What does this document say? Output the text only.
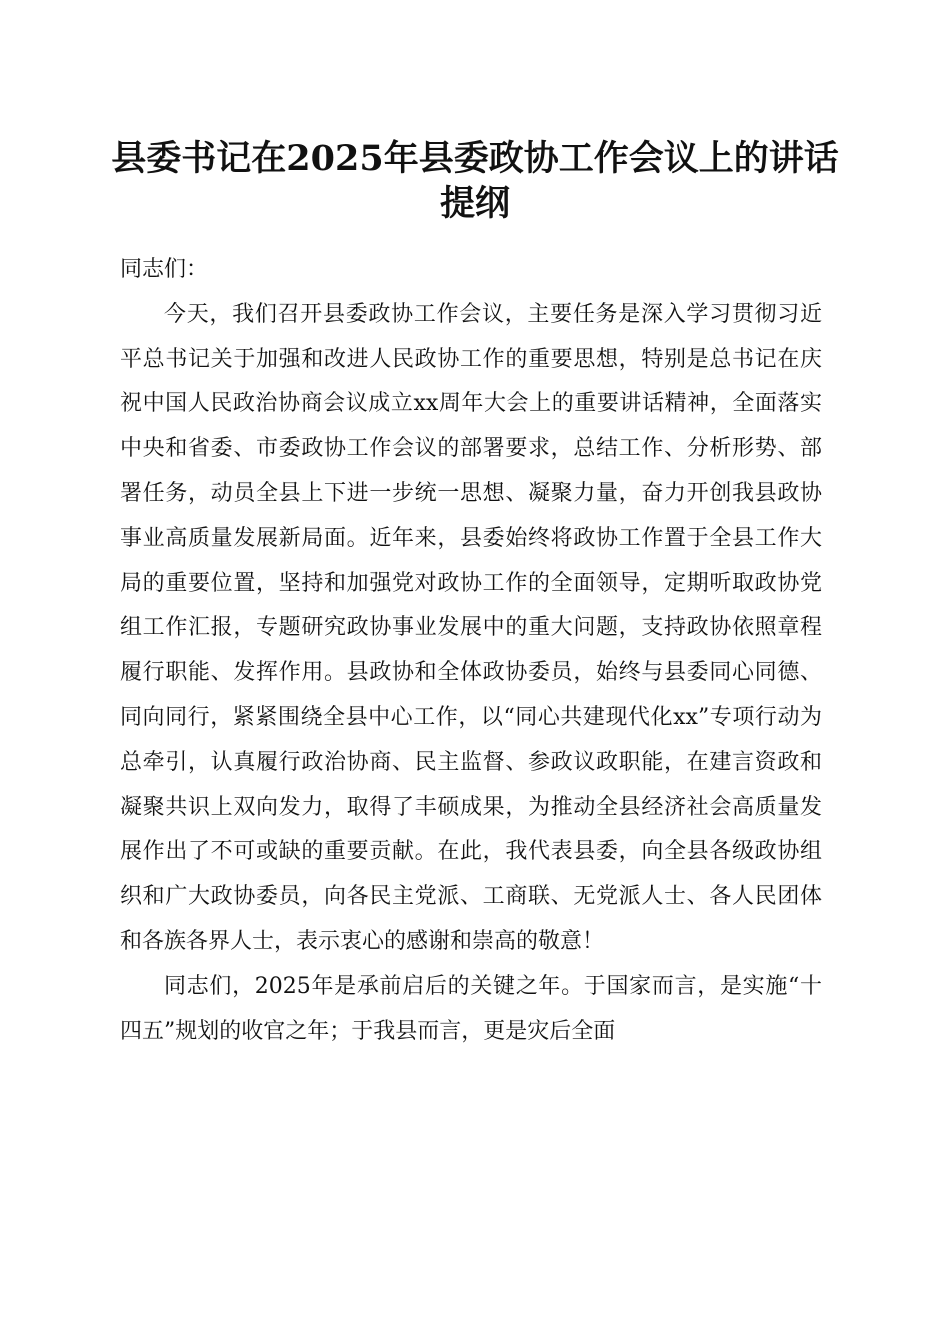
县委书记在2025年县委政协工作会议上的讲话提纲

同志们：

今天，我们召开县委政协工作会议，主要任务是深入学习贯彻习近平总书记关于加强和改进人民政协工作的重要思想，特别是总书记在庆祝中国人民政治协商会议成立xx周年大会上的重要讲话精神，全面落实中央和省委、市委政协工作会议的部署要求，总结工作、分析形势、部署任务，动员全县上下进一步统一思想、凝聚力量，奋力开创我县政协事业高质量发展新局面。近年来，县委始终将政协工作置于全县工作大局的重要位置，坚持和加强党对政协工作的全面领导，定期听取政协党组工作汇报，专题研究政协事业发展中的重大问题，支持政协依照章程履行职能、发挥作用。县政协和全体政协委员，始终与县委同心同德、同向同行，紧紧围绕全县中心工作，以“同心共建现代化xx”专项行动为总牵引，认真履行政治协商、民主监督、参政议政职能，在建言资政和凝聚共识上双向发力，取得了丰硕成果，为推动全县经济社会高质量发展作出了不可或缺的重要贡献。在此，我代表县委，向全县各级政协组织和广大政协委员，向各民主党派、工商联、无党派人士、各人民团体和各族各界人士，表示衷心的感谢和崇高的敬意！

同志们，2025年是承前启后的关键之年。于国家而言，是实施“十四五”规划的收官之年；于我县而言，更是灾后全面
